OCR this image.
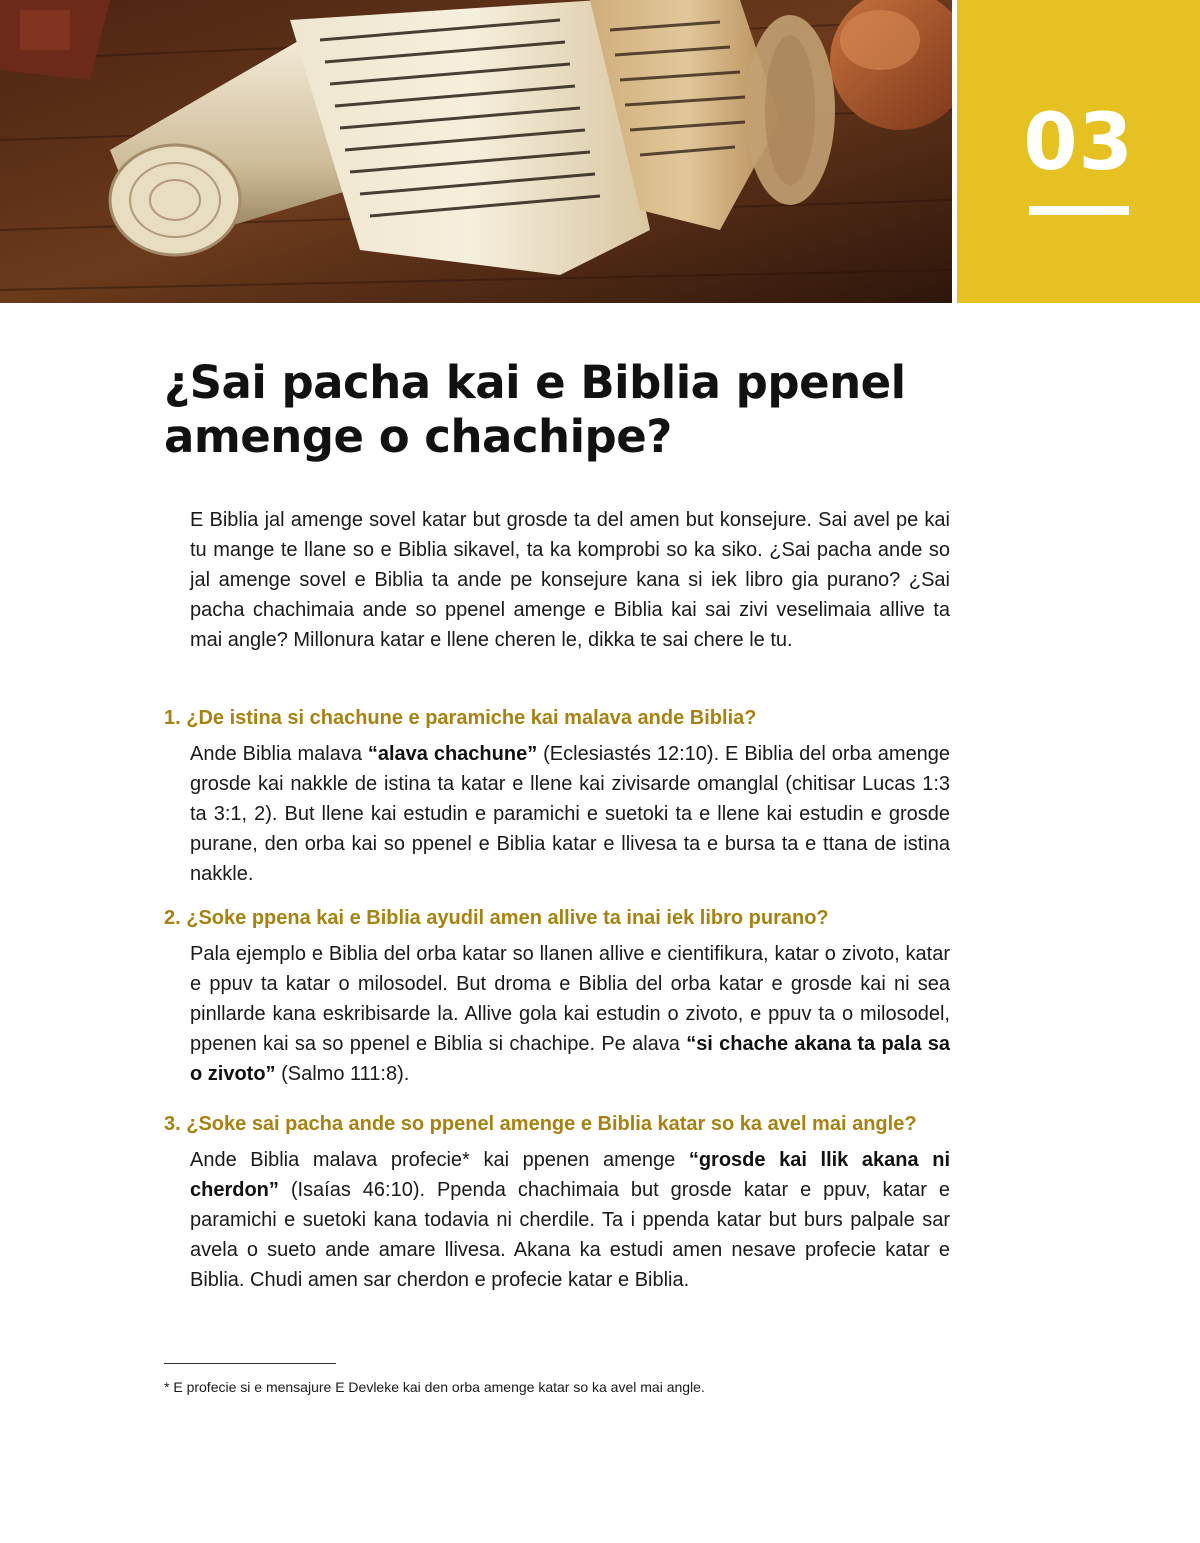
03
¿Sai pacha kai e Biblia ppenel amenge o chachipe?

E Biblia jal amenge sovel katar but grosde ta del amen but konsejure. Sai avel pe kai tu mange te llane so e Biblia sikavel, ta ka komprobi so ka siko. ¿Sai pacha ande so jal amenge sovel e Biblia ta ande pe konsejure kana si iek libro gia purano? ¿Sai pacha chachimaia ande so ppenel amenge e Biblia kai sai zivi veselimaia allive ta mai angle? Millonura katar e llene cheren le, dikka te sai chere le tu.

1. ¿De istina si chachune e paramiche kai malava ande Biblia?

Ande Biblia malava “alava chachune” (Eclesiastés 12:10). E Biblia del orba amenge grosde kai nakkle de istina ta katar e llene kai zivisarde omanglal (chitisar Lucas 1:3 ta 3:1, 2). But llene kai estudin e paramichi e suetoki ta e llene kai estudin e grosde purane, den orba kai so ppenel e Biblia katar e llivesa ta e bursa ta e ttana de istina nakkle.

2. ¿Soke ppena kai e Biblia ayudil amen allive ta inai iek libro purano?

Pala ejemplo e Biblia del orba katar so llanen allive e cientifikura, katar o zivoto, katar e ppuv ta katar o milosodel. But droma e Biblia del orba katar e grosde kai ni sea pinllarde kana eskribisarde la. Allive gola kai estudin o zivoto, e ppuv ta o milosodel, ppenen kai sa so ppenel e Biblia si chachipe. Pe alava “si chache akana ta pala sa o zivoto” (Salmo 111:8).

3. ¿Soke sai pacha ande so ppenel amenge e Biblia katar so ka avel mai angle?

Ande Biblia malava profecie* kai ppenen amenge “grosde kai llik akana ni cherdon” (Isaías 46:10). Ppenda chachimaia but grosde katar e ppuv, katar e paramichi e suetoki kana todavia ni cherdile. Ta i ppenda katar but burs palpale sar avela o sueto ande amare llivesa. Akana ka estudi amen nesave profecie katar e Biblia. Chudi amen sar cherdon e profecie katar e Biblia.

* E profecie si e mensajure E Devleke kai den orba amenge katar so ka avel mai angle.
